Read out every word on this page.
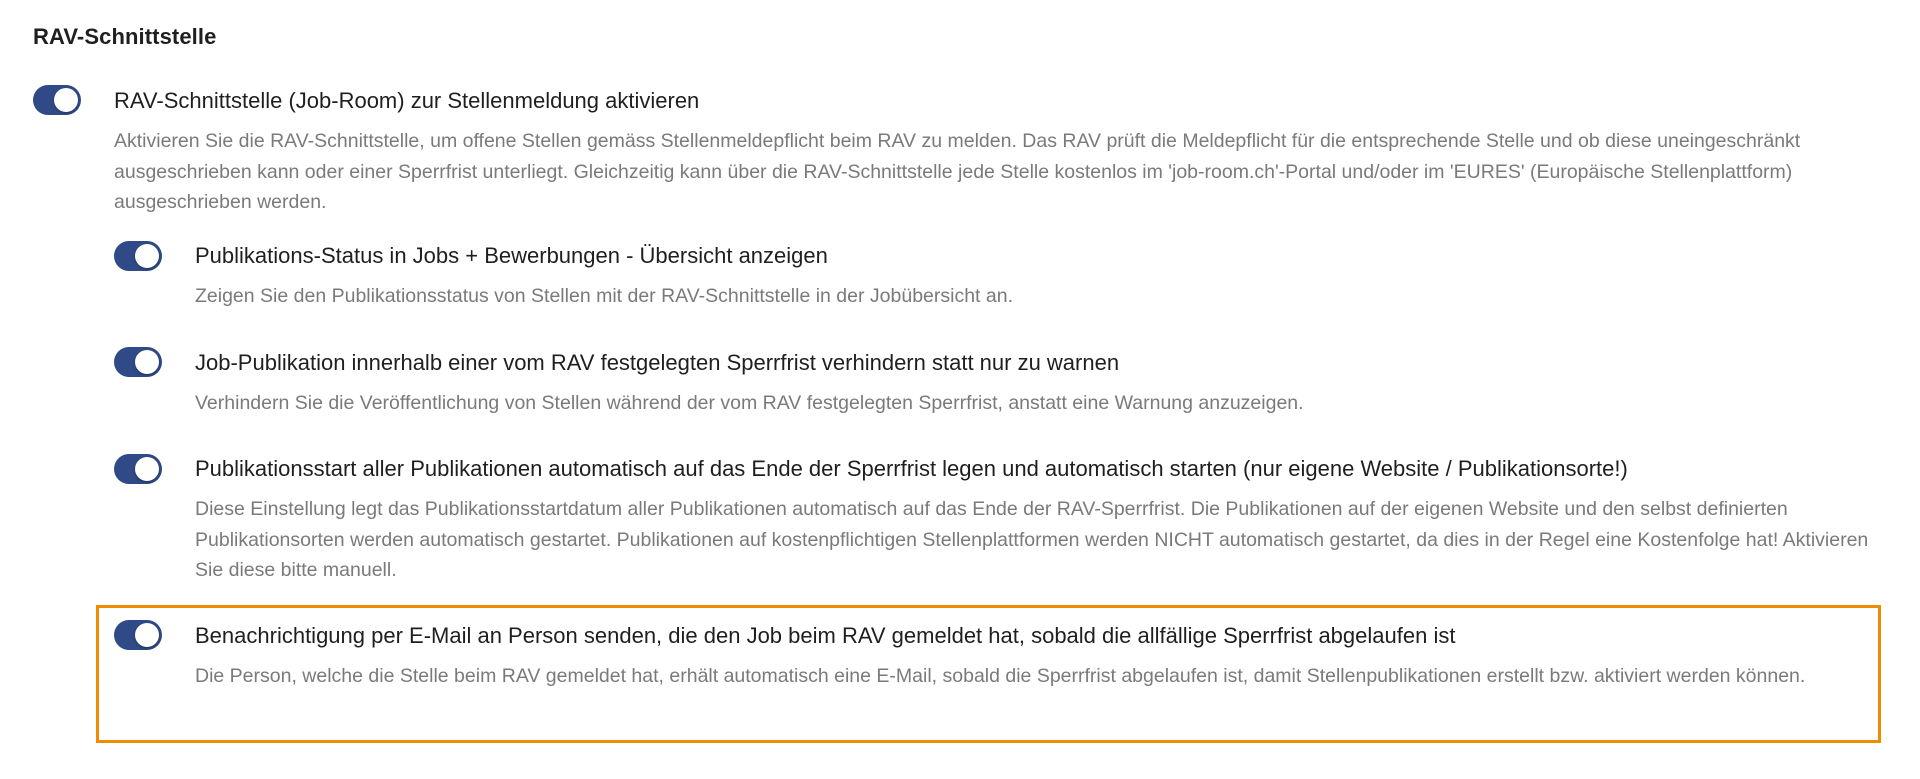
RAV-Schnittstelle
RAV-Schnittstelle (Job-Room) zur Stellenmeldung aktivieren
Aktivieren Sie die RAV-Schnittstelle, um offene Stellen gemäss Stellenmeldepflicht beim RAV zu melden. Das RAV prüft die Meldepflicht für die entsprechende Stelle und ob diese uneingeschränkt ausgeschrieben kann oder einer Sperrfrist unterliegt. Gleichzeitig kann über die RAV-Schnittstelle jede Stelle kostenlos im 'job-room.ch'-Portal und/oder im 'EURES' (Europäische Stellenplattform) ausgeschrieben werden.
Publikations-Status in Jobs + Bewerbungen - Übersicht anzeigen
Zeigen Sie den Publikationsstatus von Stellen mit der RAV-Schnittstelle in der Jobübersicht an.
Job-Publikation innerhalb einer vom RAV festgelegten Sperrfrist verhindern statt nur zu warnen
Verhindern Sie die Veröffentlichung von Stellen während der vom RAV festgelegten Sperrfrist, anstatt eine Warnung anzuzeigen.
Publikationsstart aller Publikationen automatisch auf das Ende der Sperrfrist legen und automatisch starten (nur eigene Website / Publikationsorte!)
Diese Einstellung legt das Publikationsstartdatum aller Publikationen automatisch auf das Ende der RAV-Sperrfrist. Die Publikationen auf der eigenen Website und den selbst definierten Publikationsorten werden automatisch gestartet. Publikationen auf kostenpflichtigen Stellenplattformen werden NICHT automatisch gestartet, da dies in der Regel eine Kostenfolge hat! Aktivieren Sie diese bitte manuell.
Benachrichtigung per E-Mail an Person senden, die den Job beim RAV gemeldet hat, sobald die allfällige Sperrfrist abgelaufen ist
Die Person, welche die Stelle beim RAV gemeldet hat, erhält automatisch eine E-Mail, sobald die Sperrfrist abgelaufen ist, damit Stellenpublikationen erstellt bzw. aktiviert werden können.
